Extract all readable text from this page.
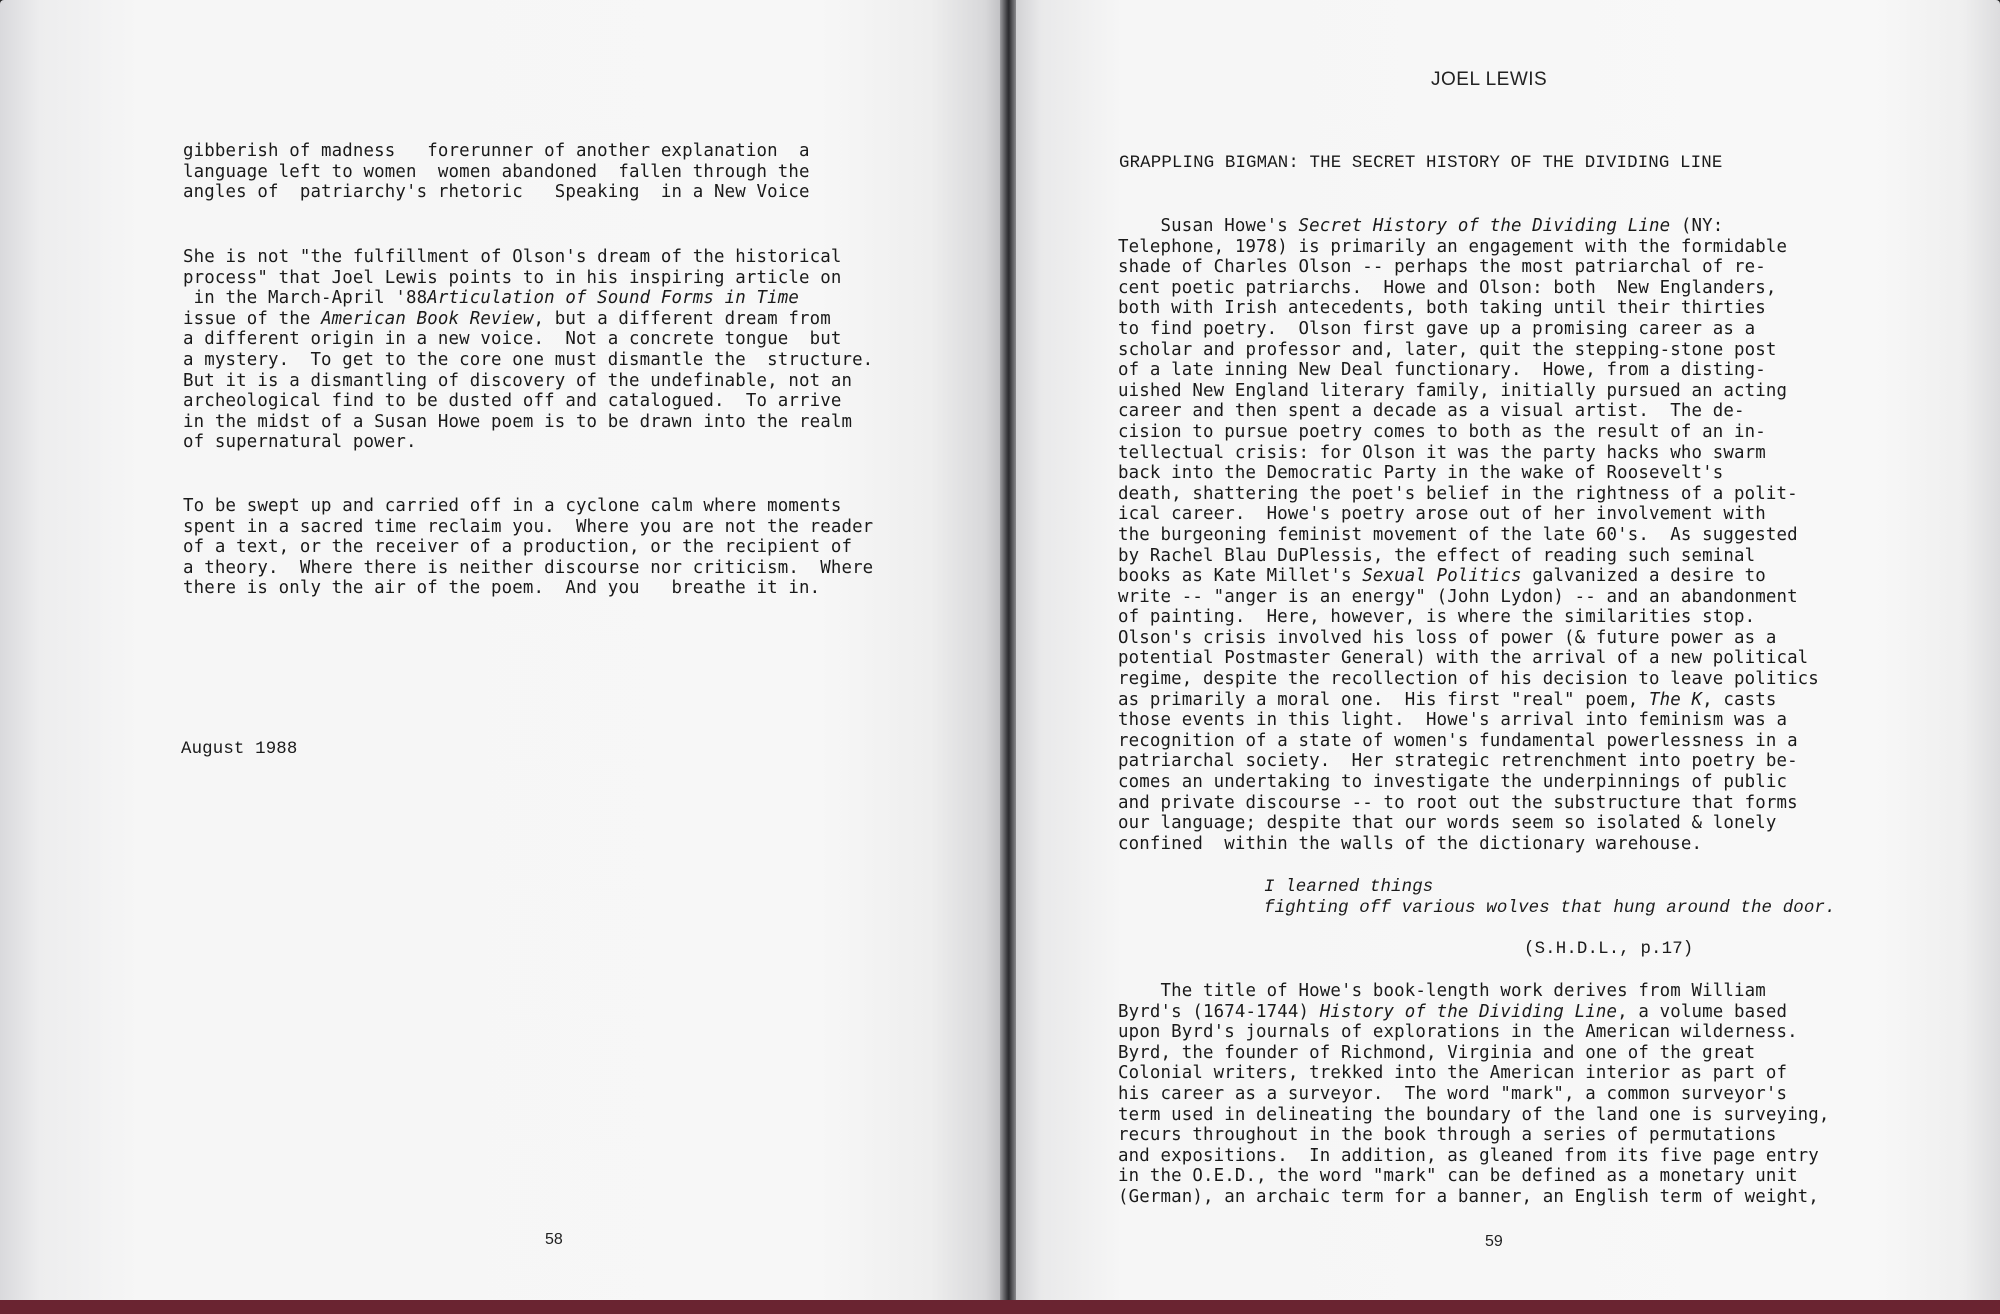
gibberish of madness   forerunner of another explanation  a
language left to women  women abandoned  fallen through the
angles of  patriarchy's rhetoric   Speaking  in a New Voice
She is not "the fulfillment of Olson's dream of the historical
process" that Joel Lewis points to in his inspiring article on
in the March-April '88Articulation of Sound Forms in Time
issue of the American Book Review, but a different dream from
a different origin in a new voice.  Not a concrete tongue  but
a mystery.  To get to the core one must dismantle the  structure.
But it is a dismantling of discovery of the undefinable, not an
archeological find to be dusted off and catalogued.  To arrive
in the midst of a Susan Howe poem is to be drawn into the realm
of supernatural power.
To be swept up and carried off in a cyclone calm where moments
spent in a sacred time reclaim you.  Where you are not the reader
of a text, or the receiver of a production, or the recipient of
a theory.  Where there is neither discourse nor criticism.  Where
there is only the air of the poem.  And you   breathe it in.
August 1988
58
JOEL LEWIS
GRAPPLING BIGMAN: THE SECRET HISTORY OF THE DIVIDING LINE
Susan Howe's Secret History of the Dividing Line (NY:
Telephone, 1978) is primarily an engagement with the formidable
shade of Charles Olson -- perhaps the most patriarchal of re-
cent poetic patriarchs.  Howe and Olson: both  New Englanders,
both with Irish antecedents, both taking until their thirties
to find poetry.  Olson first gave up a promising career as a
scholar and professor and, later, quit the stepping-stone post
of a late inning New Deal functionary.  Howe, from a disting-
uished New England literary family, initially pursued an acting
career and then spent a decade as a visual artist.  The de-
cision to pursue poetry comes to both as the result of an in-
tellectual crisis: for Olson it was the party hacks who swarm
back into the Democratic Party in the wake of Roosevelt's
death, shattering the poet's belief in the rightness of a polit-
ical career.  Howe's poetry arose out of her involvement with
the burgeoning feminist movement of the late 60's.  As suggested
by Rachel Blau DuPlessis, the effect of reading such seminal
books as Kate Millet's Sexual Politics galvanized a desire to
write -- "anger is an energy" (John Lydon) -- and an abandonment
of painting.  Here, however, is where the similarities stop.
Olson's crisis involved his loss of power (& future power as a
potential Postmaster General) with the arrival of a new political
regime, despite the recollection of his decision to leave politics
as primarily a moral one.  His first "real" poem, The K, casts
those events in this light.  Howe's arrival into feminism was a
recognition of a state of women's fundamental powerlessness in a
patriarchal society.  Her strategic retrenchment into poetry be-
comes an undertaking to investigate the underpinnings of public
and private discourse -- to root out the substructure that forms
our language; despite that our words seem so isolated & lonely
confined  within the walls of the dictionary warehouse.
I learned things
fighting off various wolves that hung around the door.
(S.H.D.L., p.17)
The title of Howe's book-length work derives from William
Byrd's (1674-1744) History of the Dividing Line, a volume based
upon Byrd's journals of explorations in the American wilderness.
Byrd, the founder of Richmond, Virginia and one of the great
Colonial writers, trekked into the American interior as part of
his career as a surveyor.  The word "mark", a common surveyor's
term used in delineating the boundary of the land one is surveying,
recurs throughout in the book through a series of permutations
and expositions.  In addition, as gleaned from its five page entry
in the O.E.D., the word "mark" can be defined as a monetary unit
(German), an archaic term for a banner, an English term of weight,
59
